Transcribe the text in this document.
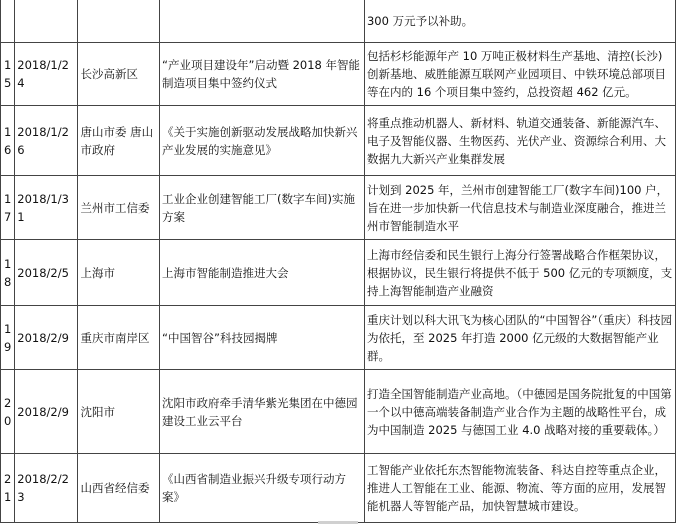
				300 万元予以补助。
15	2018/1/24	长沙高新区	“产业项目建设年”启动暨 2018 年智能制造项目集中签约仪式	包括杉杉能源年产 10 万吨正极材料生产基地、清控(长沙)创新基地、威胜能源互联网产业园项目、中铁环境总部项目等在内的 16 个项目集中签约，总投资超 462 亿元。
16	2018/1/26	唐山市委 唐山市政府	《关于实施创新驱动发展战略加快新兴产业发展的实施意见》	将重点推动机器人、新材料、轨道交通装备、新能源汽车、电子及智能仪器、生物医药、光伏产业、资源综合利用、大数据九大新兴产业集群发展
17	2018/1/31	兰州市工信委	工业企业创建智能工厂(数字车间)实施方案	计划到 2025 年，兰州市创建智能工厂(数字车间)100 户，旨在进一步加快新一代信息技术与制造业深度融合，推进兰州市智能制造水平
18	2018/2/5	上海市	上海市智能制造推进大会	上海市经信委和民生银行上海分行签署战略合作框架协议，根据协议，民生银行将提供不低于 500 亿元的专项额度，支持上海智能制造产业融资
19	2018/2/9	重庆市南岸区	“中国智谷”科技园揭牌	重庆计划以科大讯飞为核心团队的“中国智谷”（重庆）科技园为依托，至 2025 年打造 2000 亿元级的大数据智能产业群。
20	2018/2/9	沈阳市	沈阳市政府牵手清华紫光集团在中德园建设工业云平台	打造全国智能制造产业高地。（中德园是国务院批复的中国第一个以中德高端装备制造产业合作为主题的战略性平台，成为中国制造 2025 与德国工业 4.0 战略对接的重要载体。）
21	2018/2/23	山西省经信委	《山西省制造业振兴升级专项行动方案》	工智能产业依托东杰智能物流装备、科达自控等重点企业，推进人工智能在工业、能源、物流、等方面的应用，发展智能机器人等智能产品，加快智慧城市建设。
